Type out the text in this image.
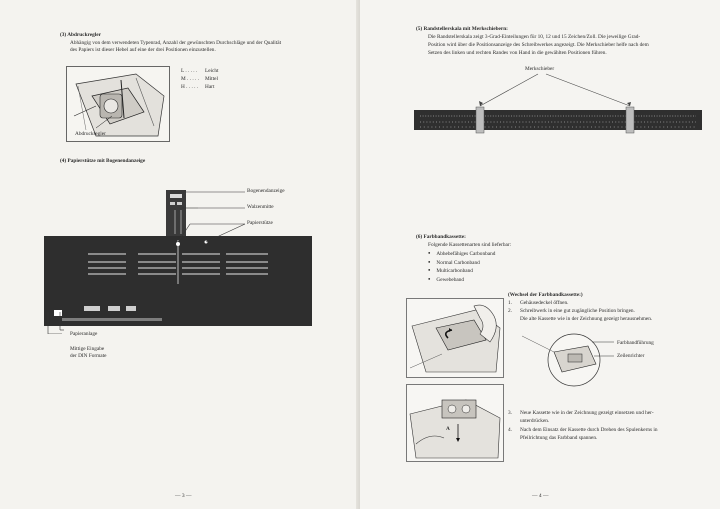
(3) Abdruckregler
Abhängig von dem verwendeten Typenrad, Anzahl der gewünschten Durchschläge und der Qualität
des Papiers ist dieser Hebel auf eine der drei Positionen einzustellen.
Abdruckregler
L . . . . . Leicht
M . . . . . Mittel
H . . . . . Hart
(4) Papierstütze mit Bogenendanzeige
Bogenendanzeige
Walzenmitte
Papierstütze
Papieranlage
Mittige Eingabe
der DIN Formate
— 3 —
(5) Randstellerskala mit Merkschiebern:
Die Randstellerskala zeigt 3-Grad-Einteilungen für 10, 12 und 15 Zeichen/Zoll. Die jeweilige Grad-
Position wird über die Positionsanzeige des Schreibwerkes angezeigt. Die Merkschieber helfe nach dem
Setzen des linken und rechten Randes von Hand in die gewählten Positionen führen.
Merkschieber
(6) Farbbandkassette:
Folgende Kassettenarten sind lieferbar:
● Abhebefähiges Carbonband
● Normal Carbonband
● Multicarbonband
● Gewebeband
(Wechsel der Farbbandkassette:)
1. Gehäusedeckel öffnen.
2. Schreibwerk in eine gut zugängliche Position bringen.
Die alte Kassette wie in der Zeichnung gezeigt herausnehmen.
Farbbandführung
Zeilenrichter
A
3. Neue Kassette wie in der Zeichnung gezeigt einsetzen und her-
unterdrücken.
4. Nach dem Einsatz der Kassette durch Drehen des Spulenkerns in
Pfeilrichtung das Farbband spannen.
— 4 —
